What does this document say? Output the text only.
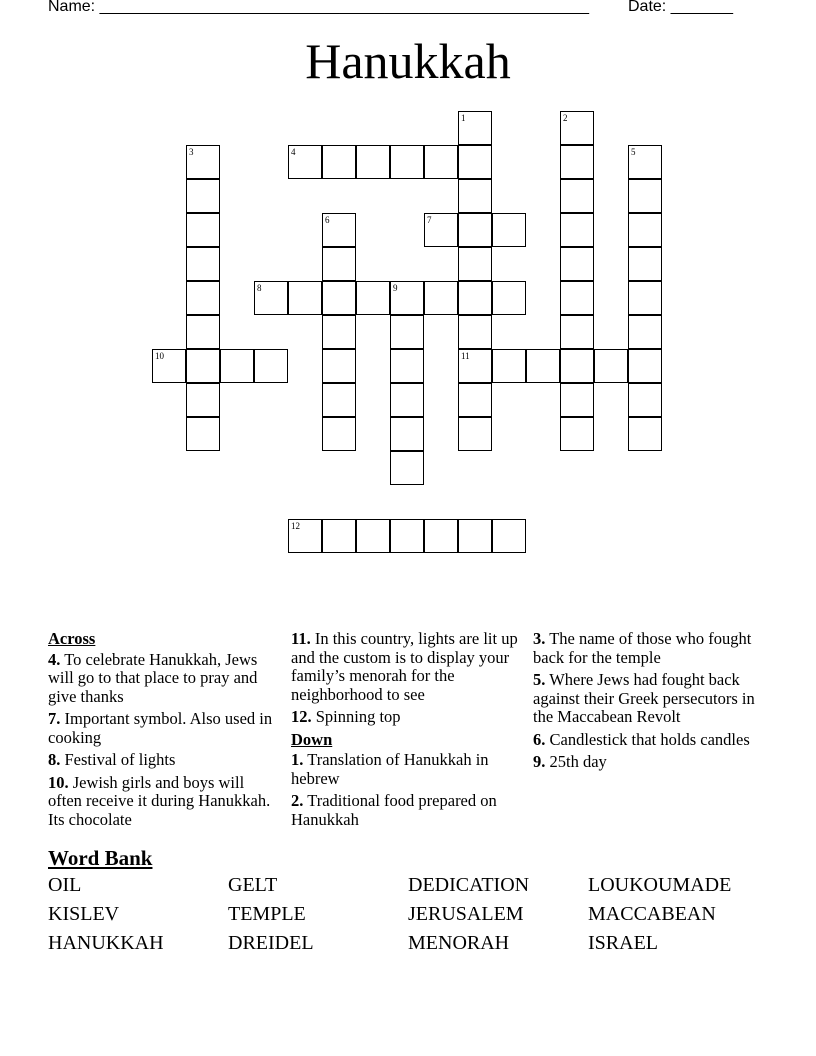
Name: _______________________________________________________ Date: _______
Hanukkah
1
11
2
3	4	5
6	7
8	9
10
12
Across
4. To celebrate Hanukkah, Jews will go to that place to pray and give thanks
7. Important symbol. Also used in cooking
8. Festival of lights
10. Jewish girls and boys will often receive it during Hanukkah. Its chocolate
11. In this country, lights are lit up and the custom is to display your family’s menorah for the neighborhood to see
12. Spinning top
Down
1. Translation of Hanukkah in hebrew
2. Traditional food prepared on Hanukkah
3. The name of those who fought back for the temple
5. Where Jews had fought back against their Greek persecutors in the Maccabean Revolt
6. Candlestick that holds candles
9. 25th day
Word Bank
OIL	GELT	DEDICATION	LOUKOUMADE
KISLEV	TEMPLE	JERUSALEM	MACCABEAN
HANUKKAH	DREIDEL	MENORAH	ISRAEL
